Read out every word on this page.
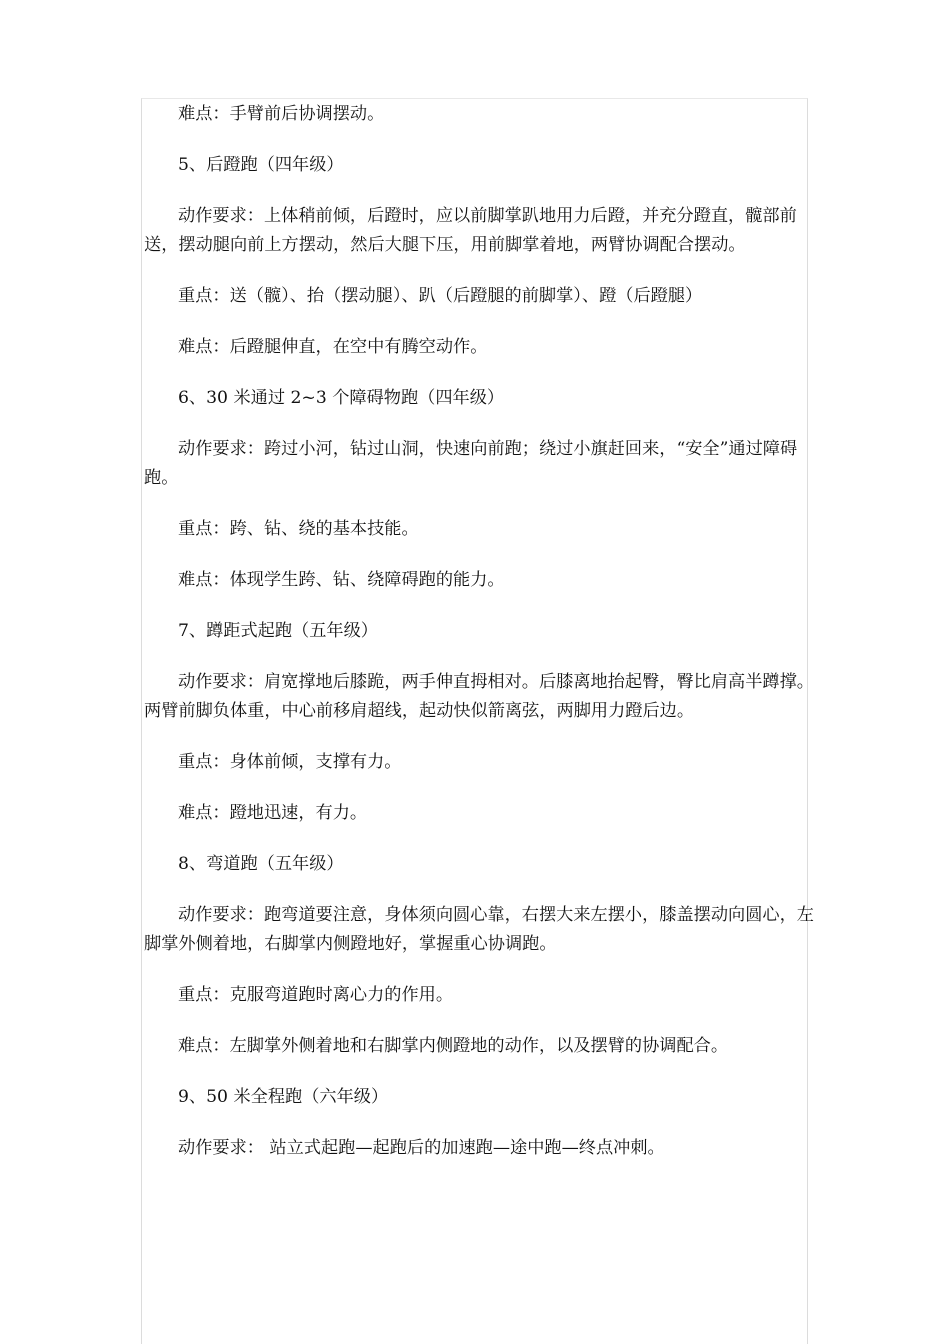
难点：手臂前后协调摆动。

5、后蹬跑（四年级）

动作要求：上体稍前倾，后蹬时，应以前脚掌趴地用力后蹬，并充分蹬直，髋部前送，摆动腿向前上方摆动，然后大腿下压，用前脚掌着地，两臂协调配合摆动。

重点：送（髋）、抬（摆动腿）、趴（后蹬腿的前脚掌）、蹬（后蹬腿）

难点：后蹬腿伸直，在空中有腾空动作。

6、30 米通过 2~3 个障碍物跑（四年级）

动作要求：跨过小河，钻过山洞，快速向前跑；绕过小旗赶回来，“安全”通过障碍跑。

重点：跨、钻、绕的基本技能。

难点：体现学生跨、钻、绕障碍跑的能力。

7、蹲距式起跑（五年级）

动作要求：肩宽撑地后膝跪，两手伸直拇相对。后膝离地抬起臀，臀比肩高半蹲撑。两臂前脚负体重，中心前移肩超线，起动快似箭离弦，两脚用力蹬后边。

重点：身体前倾，支撑有力。

难点：蹬地迅速，有力。

8、弯道跑（五年级）

动作要求：跑弯道要注意，身体须向圆心靠，右摆大来左摆小，膝盖摆动向圆心，左脚掌外侧着地，右脚掌内侧蹬地好，掌握重心协调跑。

重点：克服弯道跑时离心力的作用。

难点：左脚掌外侧着地和右脚掌内侧蹬地的动作，以及摆臂的协调配合。

9、50 米全程跑（六年级）

动作要求： 站立式起跑—起跑后的加速跑—途中跑—终点冲刺。
